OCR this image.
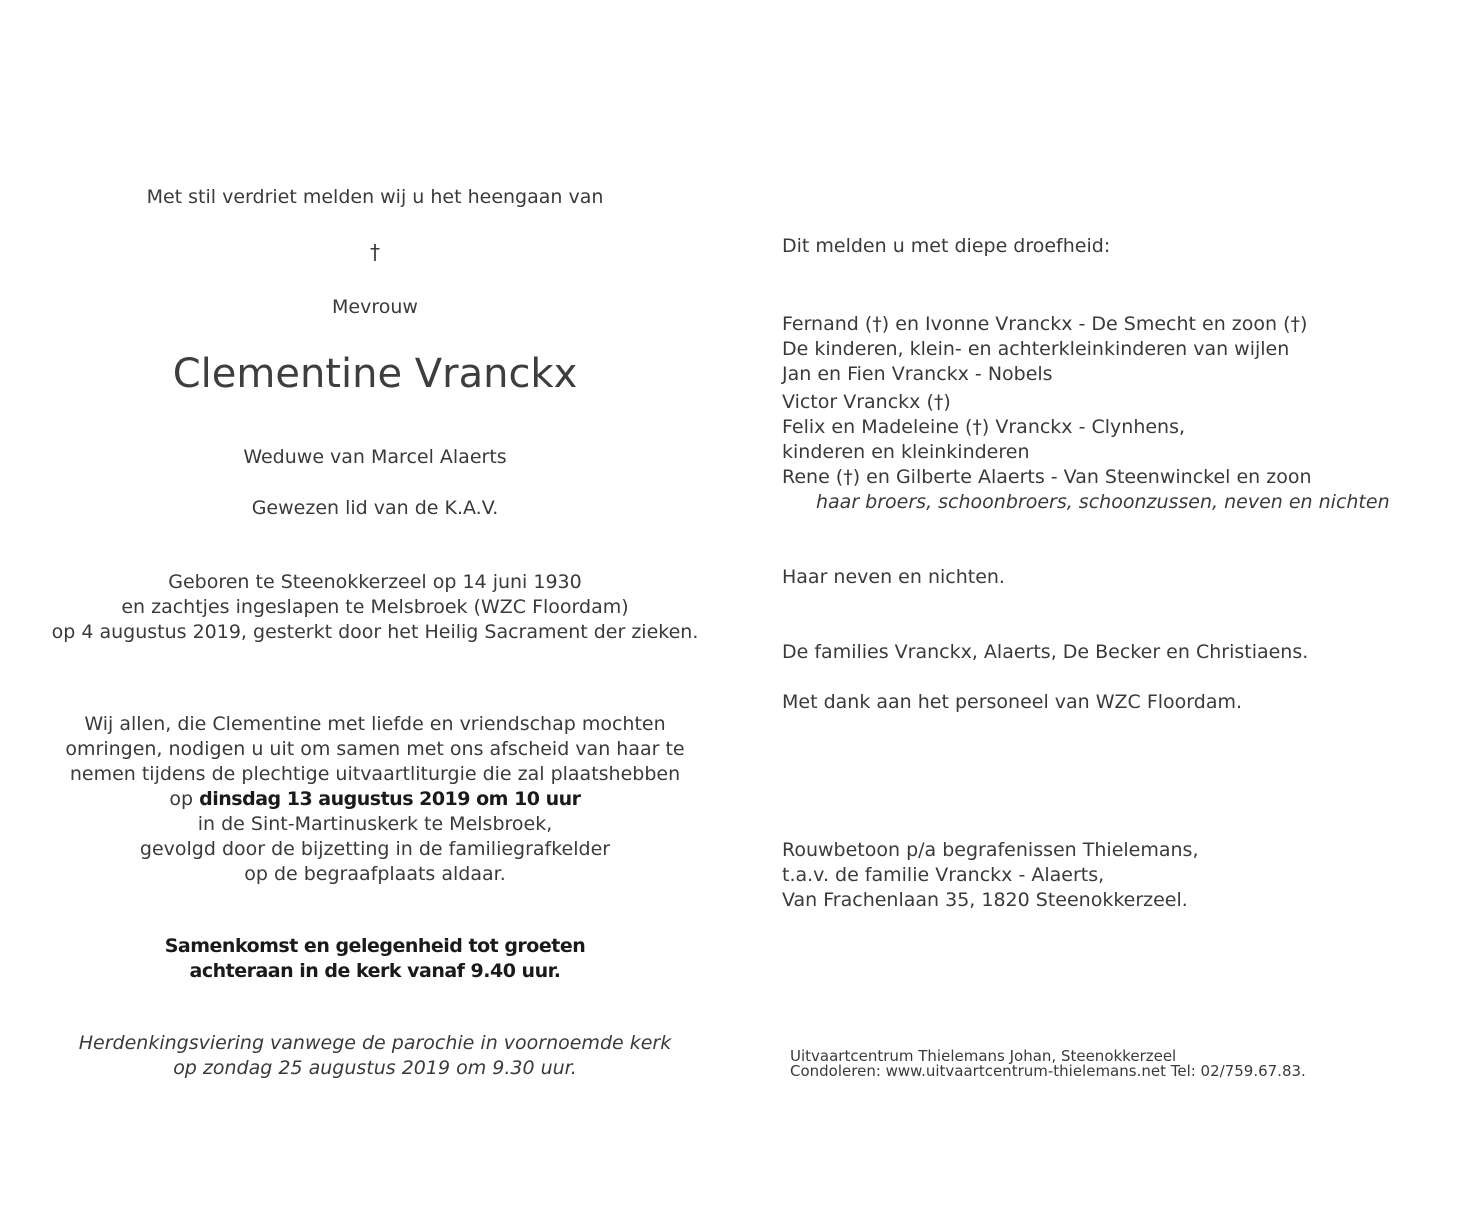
Met stil verdriet melden wij u het heengaan van
†
Mevrouw
Clementine Vranckx
Weduwe van Marcel Alaerts
Gewezen lid van de K.A.V.
Geboren te Steenokkerzeel op 14 juni 1930
en zachtjes ingeslapen te Melsbroek (WZC Floordam)
op 4 augustus 2019, gesterkt door het Heilig Sacrament der zieken.
Wij allen, die Clementine met liefde en vriendschap mochten
omringen, nodigen u uit om samen met ons afscheid van haar te
nemen tijdens de plechtige uitvaartliturgie die zal plaatshebben
op dinsdag 13 augustus 2019 om 10 uur
in de Sint-Martinuskerk te Melsbroek,
gevolgd door de bijzetting in de familiegrafkelder
op de begraafplaats aldaar.
Samenkomst en gelegenheid tot groeten
achteraan in de kerk vanaf 9.40 uur.
Herdenkingsviering vanwege de parochie in voornoemde kerk
op zondag 25 augustus 2019 om 9.30 uur.
Dit melden u met diepe droefheid:
Fernand (†) en Ivonne Vranckx - De Smecht en zoon (†)
De kinderen, klein- en achterkleinkinderen van wijlen
Jan en Fien Vranckx - Nobels
Victor Vranckx (†)
Felix en Madeleine (†) Vranckx - Clynhens,
kinderen en kleinkinderen
Rene (†) en Gilberte Alaerts - Van Steenwinckel en zoon
haar broers, schoonbroers, schoonzussen, neven en nichten
Haar neven en nichten.
De families Vranckx, Alaerts, De Becker en Christiaens.
Met dank aan het personeel van WZC Floordam.
Rouwbetoon p/a begrafenissen Thielemans,
t.a.v. de familie Vranckx - Alaerts,
Van Frachenlaan 35, 1820 Steenokkerzeel.
Uitvaartcentrum Thielemans Johan, Steenokkerzeel
Condoleren: www.uitvaartcentrum-thielemans.net Tel: 02/759.67.83.
